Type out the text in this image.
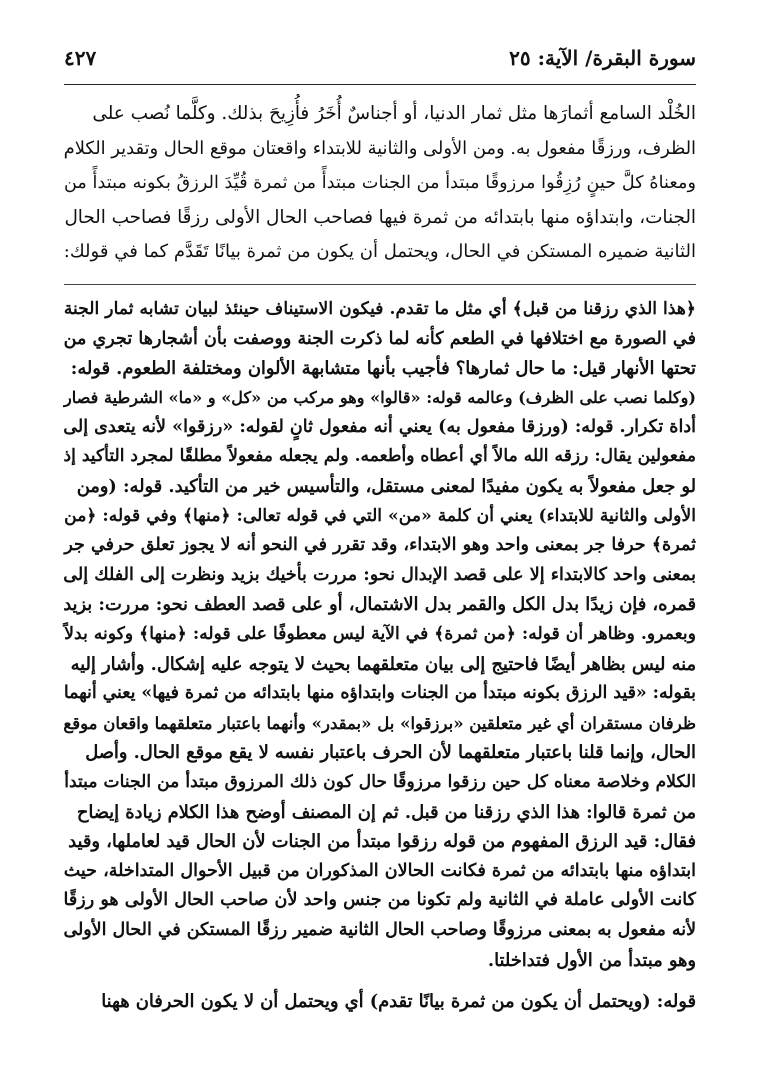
سورة البقرة/ الآية: ٢٥
٤٢٧
الخُلْد السامع أثمارَها مثل ثمار الدنيا، أو أجناسٌ أُخَرُ فأُزِيحَ بذلك. وكلَّما نُصب على
الظرف، ورزقًا مفعول به. ومن الأولى والثانية للابتداء واقعتان موقع الحال وتقدير الكلام
ومعناهُ كلَّ حينٍ رُزِقُوا مرزوقًا مبتدأ من الجنات مبتدأً من ثمرة قُيِّدَ الرزقُ بكونه مبتدأً من
الجنات، وابتداؤه منها بابتدائه من ثمرة فيها فصاحب الحال الأولى رزقًا فصاحب الحال
الثانية ضميره المستكن في الحال، ويحتمل أن يكون من ثمرة بيانًا تَقَدَّم كما في قولك:
﴿هذا الذي رزقنا من قبل﴾ أي مثل ما تقدم. فيكون الاستيناف حينئذ لبيان تشابه ثمار الجنة
في الصورة مع اختلافها في الطعم كأنه لما ذكرت الجنة ووصفت بأن أشجارها تجري من
تحتها الأنهار قيل: ما حال ثمارها؟ فأجيب بأنها متشابهة الألوان ومختلفة الطعوم. قوله:
(وكلما نصب على الظرف) وعالمه قوله: «قالوا» وهو مركب من «كل» و «ما» الشرطية فصار
أداة تكرار. قوله: (ورزقا مفعول به) يعني أنه مفعول ثانٍ لقوله: «رزقوا» لأنه يتعدى إلى
مفعولين يقال: رزقه الله مالاً أي أعطاه وأطعمه. ولم يجعله مفعولاً مطلقًا لمجرد التأكيد إذ
لو جعل مفعولاً به يكون مفيدًا لمعنى مستقل، والتأسيس خير من التأكيد. قوله: (ومن
الأولى والثانية للابتداء) يعني أن كلمة «من» التي في قوله تعالى: ﴿منها﴾ وفي قوله: ﴿من
ثمرة﴾ حرفا جر بمعنى واحد وهو الابتداء، وقد تقرر في النحو أنه لا يجوز تعلق حرفي جر
بمعنى واحد كالابتداء إلا على قصد الإبدال نحو: مررت بأخيك بزيد ونظرت إلى الفلك إلى
قمره، فإن زيدًا بدل الكل والقمر بدل الاشتمال، أو على قصد العطف نحو: مررت: بزيد
وبعمرو. وظاهر أن قوله: ﴿من ثمرة﴾ في الآية ليس معطوفًا على قوله: ﴿منها﴾ وكونه بدلاً
منه ليس بظاهر أيضًا فاحتيج إلى بيان متعلقهما بحيث لا يتوجه عليه إشكال. وأشار إليه
بقوله: «قيد الرزق بكونه مبتدأ من الجنات وابتداؤه منها بابتدائه من ثمرة فيها» يعني أنهما
ظرفان مستقران أي غير متعلقين «برزقوا» بل «بمقدر» وأنهما باعتبار متعلقهما واقعان موقع
الحال، وإنما قلنا باعتبار متعلقهما لأن الحرف باعتبار نفسه لا يقع موقع الحال. وأصل
الكلام وخلاصة معناه كل حين رزقوا مرزوقًا حال كون ذلك المرزوق مبتدأ من الجنات مبتدأ
من ثمرة قالوا: هذا الذي رزقنا من قبل. ثم إن المصنف أوضح هذا الكلام زيادة إيضاح
فقال: قيد الرزق المفهوم من قوله رزقوا مبتدأ من الجنات لأن الحال قيد لعاملها، وقيد
ابتداؤه منها بابتدائه من ثمرة فكانت الحالان المذكوران من قبيل الأحوال المتداخلة، حيث
كانت الأولى عاملة في الثانية ولم تكونا من جنس واحد لأن صاحب الحال الأولى هو رزقًا
لأنه مفعول به بمعنى مرزوقًا وصاحب الحال الثانية ضمير رزقًا المستكن في الحال الأولى
وهو مبتدأ من الأول فتداخلتا.
قوله: (ويحتمل أن يكون من ثمرة بيانًا تقدم) أي ويحتمل أن لا يكون الحرفان ههنا
